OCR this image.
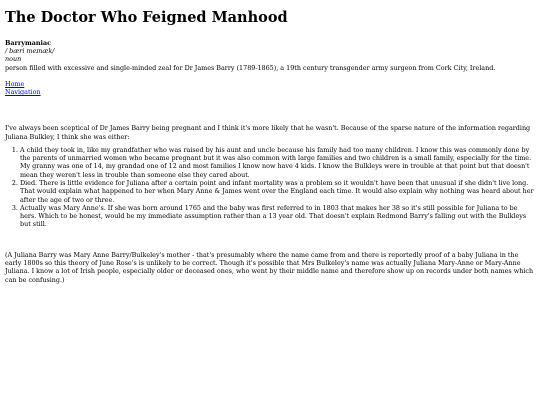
The Doctor Who Feigned Manhood
Barrymaniac
/ bæri meɪnæk/
noun
person filled with excessive and single-minded zeal for Dr James Barry (1789-1865), a 19th century transgender army surgeon from Cork City, Ireland.
Home
Navigation
I've always been sceptical of Dr James Barry being pregnant and I think it's more likely that he wasn't. Because of the sparse nature of the information regarding Juliana Bulkley, I think she was either:
1. A child they took in, like my grandfather who was raised by his aunt and uncle because his family had too many children. I know this was commonly done by the parents of unmarried women who became pregnant but it was also common with large families and two children is a small family, especially for the time. My granny was one of 14, my grandad one of 12 and most families I know now have 4 kids. I know the Bulkleys were in trouble at that point but that doesn't mean they weren't less in trouble than someone else they cared about.
2. Died. There is little evidence for Juliana after a certain point and infant mortality was a problem so it wouldn't have been that unusual if she didn't live long. That would explain what happened to her when Mary Anne & James went over the England each time. It would also explain why nothing was heard about her after the age of two or three.
3. Actually was Mary Anne's. If she was born around 1765 and the baby was first referred to in 1803 that makes her 38 so it's still possible for Juliana to be hers. Which to be honest, would be my immediate assumption rather than a 13 year old. That doesn't explain Redmond Barry's falling out with the Bulkleys but still.
(A Juliana Barry was Mary Anne Barry/Bulkeley's mother - that's presumably where the name came from and there is reportedly proof of a baby Juliana in the early 1800s so this theory of June Rose's is unlikely to be correct. Though it's possible that Mrs Bulkeley's name was actually Juliana Mary-Anne or Mary-Anne Juliana. I know a lot of Irish people, especially older or deceased ones, who went by their middle name and therefore show up on records under both names which can be confusing.)
